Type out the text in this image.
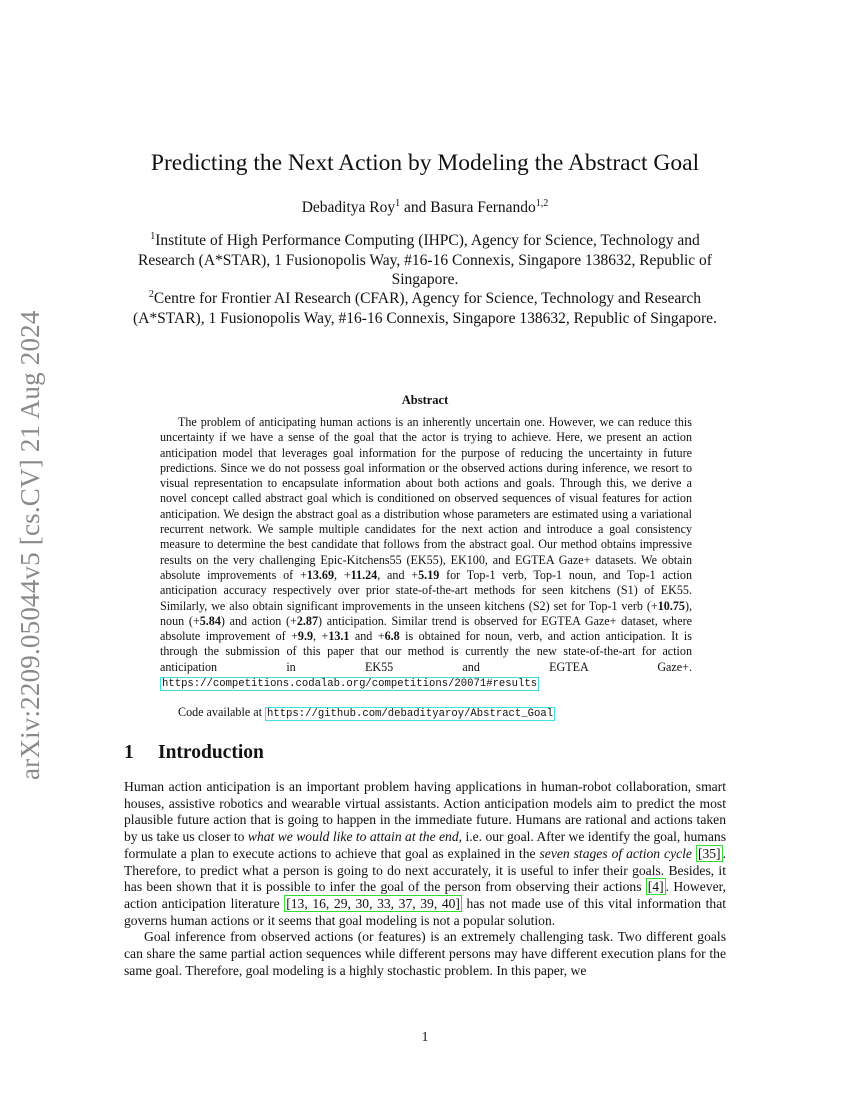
arXiv:2209.05044v5 [cs.CV] 21 Aug 2024
Predicting the Next Action by Modeling the Abstract Goal
Debaditya Roy$^1$ and Basura Fernando$^{1,2}$
$^1$Institute of High Performance Computing (IHPC), Agency for Science, Technology and Research (A*STAR), 1 Fusionopolis Way, #16-16 Connexis, Singapore 138632, Republic of Singapore.
$^2$Centre for Frontier AI Research (CFAR), Agency for Science, Technology and Research (A*STAR), 1 Fusionopolis Way, #16-16 Connexis, Singapore 138632, Republic of Singapore.
Abstract
The problem of anticipating human actions is an inherently uncertain one. However, we can reduce this uncertainty if we have a sense of the goal that the actor is trying to achieve. Here, we present an action anticipation model that leverages goal information for the purpose of reducing the uncertainty in future predictions. Since we do not possess goal information or the observed actions during inference, we resort to visual representation to encapsulate information about both actions and goals. Through this, we derive a novel concept called abstract goal which is conditioned on observed sequences of visual features for action anticipation. We design the abstract goal as a distribution whose parameters are estimated using a variational recurrent network. We sample multiple candidates for the next action and introduce a goal consistency measure to determine the best candidate that follows from the abstract goal. Our method obtains impressive results on the very challenging Epic-Kitchens55 (EK55), EK100, and EGTEA Gaze+ datasets. We obtain absolute improvements of +13.69, +11.24, and +5.19 for Top-1 verb, Top-1 noun, and Top-1 action anticipation accuracy respectively over prior state-of-the-art methods for seen kitchens (S1) of EK55. Similarly, we also obtain significant improvements in the unseen kitchens (S2) set for Top-1 verb (+10.75), noun (+5.84) and action (+2.87) anticipation. Similar trend is observed for EGTEA Gaze+ dataset, where absolute improvement of +9.9, +13.1 and +6.8 is obtained for noun, verb, and action anticipation. It is through the submission of this paper that our method is currently the new state-of-the-art for action anticipation in EK55 and EGTEA Gaze+. https://competitions.codalab.org/competitions/20071#results
Code available at https://github.com/debadityaroy/Abstract_Goal
1 Introduction

Human action anticipation is an important problem having applications in human-robot collaboration, smart houses, assistive robotics and wearable virtual assistants. Action anticipation models aim to predict the most plausible future action that is going to happen in the immediate future. Humans are rational and actions taken by us take us closer to what we would like to attain at the end, i.e. our goal. After we identify the goal, humans formulate a plan to execute actions to achieve that goal as explained in the seven stages of action cycle [35] . Therefore, to predict what a person is going to do next accurately, it is useful to infer their goals. Besides, it has been shown that it is possible to infer the goal of the person from observing their actions [4] . However, action anticipation literature [13, 16, 29, 30, 33, 37, 39, 40] has not made use of this vital information that governs human actions or it seems that goal modeling is not a popular solution.

Goal inference from observed actions (or features) is an extremely challenging task. Two different goals can share the same partial action sequences while different persons may have different execution plans for the same goal. Therefore, goal modeling is a highly stochastic problem. In this paper, we

1
